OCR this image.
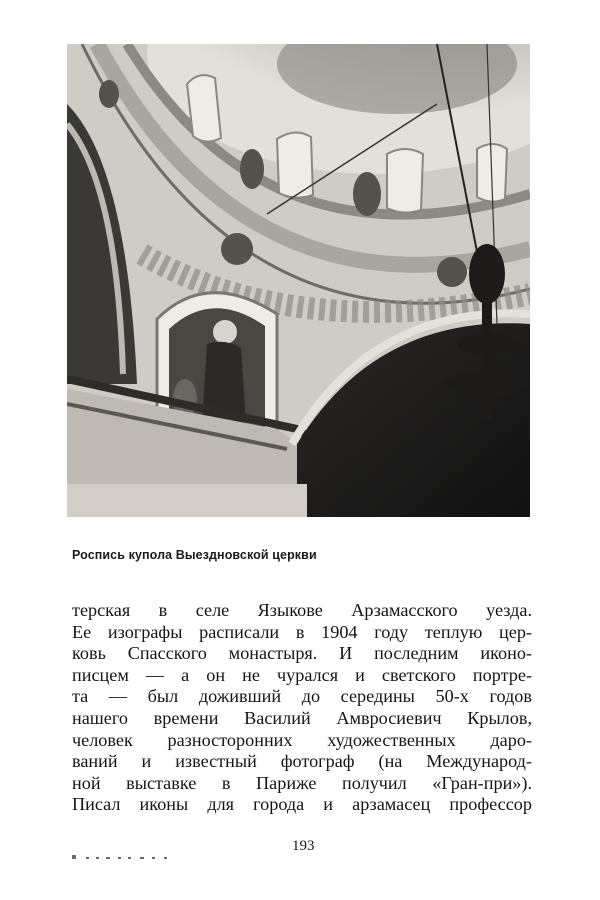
Роспись купола Выездновской церкви
терская в селе Языкове Арзамасского уезда.
Ее изографы расписали в 1904 году теплую цер-
ковь Спасского монастыря. И последним иконо-
писцем — а он не чурался и светского портре-
та — был доживший до середины 50-х годов
нашего времени Василий Амвросиевич Крылов,
человек разносторонних художественных даро-
ваний и известный фотограф (на Международ-
ной выставке в Париже получил «Гран-при»).
Писал иконы для города и арзамасец профессор
193
